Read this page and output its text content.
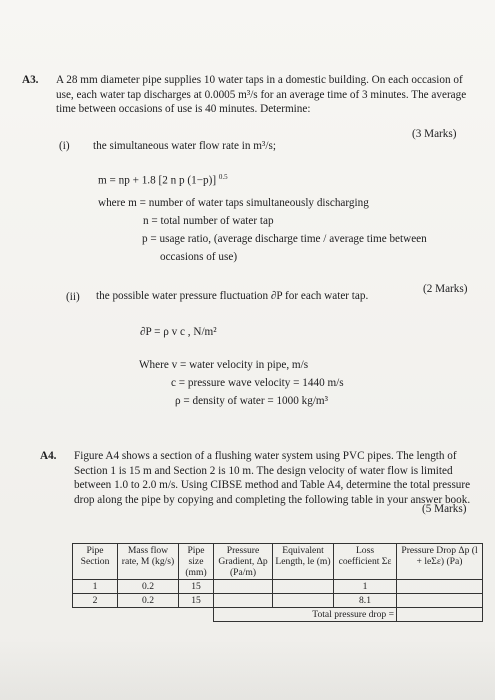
A3. A 28 mm diameter pipe supplies 10 water taps in a domestic building. On each occasion of use, each water tap discharges at 0.0005 m³/s for an average time of 3 minutes. The average time between occasions of use is 40 minutes. Determine:
(i) the simultaneous water flow rate in m³/s;
(3 Marks)
m = np + 1.8 [2 n p (1−p)] $^{0.5}$
where m = number of water taps simultaneously discharging
n = total number of water tap
p = usage ratio, (average discharge time / average time between
occasions of use)
(ii) the possible water pressure fluctuation ∂P for each water tap.
(2 Marks)
∂P = ρ v c , N/m²
Where v = water velocity in pipe, m/s
c = pressure wave velocity = 1440 m/s
ρ = density of water = 1000 kg/m³
A4. Figure A4 shows a section of a flushing water system using PVC pipes. The length of Section 1 is 15 m and Section 2 is 10 m. The design velocity of water flow is limited between 1.0 to 2.0 m/s. Using CIBSE method and Table A4, determine the total pressure drop along the pipe by copying and completing the following table in your answer book.
(5 Marks)
Pipe Section	Mass flow rate, M (kg/s)	Pipe size (mm)	Pressure Gradient, Δp (Pa/m)	Equivalent Length, le (m)	Loss coefficient Σε	Pressure Drop Δp (l + leΣε) (Pa)
1	0.2	15			1	
2	0.2	15			8.1	
			Total pressure drop =			
